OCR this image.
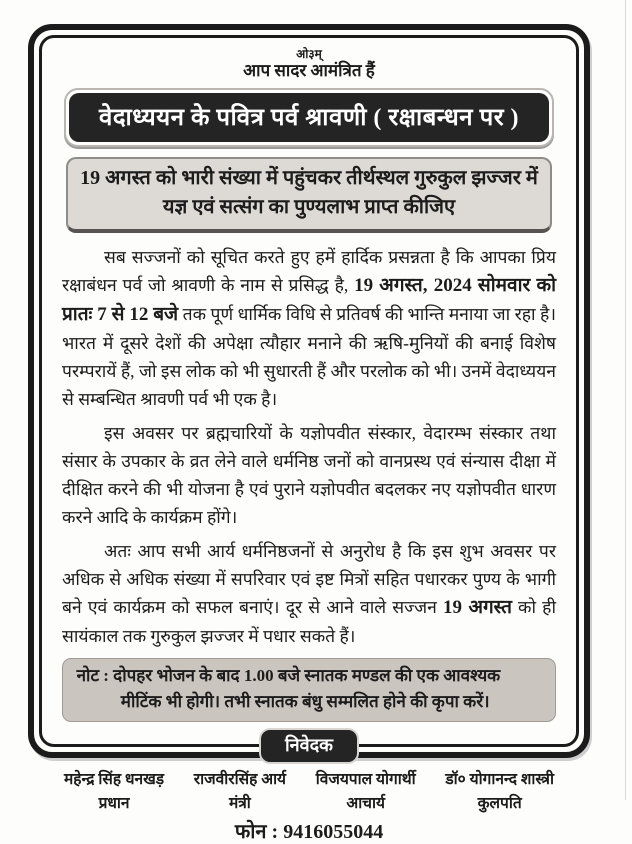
ओ३म्
आप सादर आमंत्रित हैं
वेदाध्ययन के पवित्र पर्व श्रावणी ( रक्षाबन्धन पर )
19 अगस्त को भारी संख्या में पहुंचकर तीर्थस्थल गुरुकुल झज्जर में यज्ञ एवं सत्संग का पुण्यलाभ प्राप्त कीजिए

सब सज्जनों को सूचित करते हुए हमें हार्दिक प्रसन्नता है कि आपका प्रिय रक्षाबंधन पर्व जो श्रावणी के नाम से प्रसिद्ध है, 19 अगस्त, 2024 सोमवार को प्रातः 7 से 12 बजे तक पूर्ण धार्मिक विधि से प्रतिवर्ष की भान्ति मनाया जा रहा है। भारत में दूसरे देशों की अपेक्षा त्यौहार मनाने की ऋषि-मुनियों की बनाई विशेष परम्परायें हैं, जो इस लोक को भी सुधारती हैं और परलोक को भी। उनमें वेदाध्ययन से सम्बन्धित श्रावणी पर्व भी एक है।

इस अवसर पर ब्रह्मचारियों के यज्ञोपवीत संस्कार, वेदारम्भ संस्कार तथा संसार के उपकार के व्रत लेने वाले धर्मनिष्ठ जनों को वानप्रस्थ एवं संन्यास दीक्षा में दीक्षित करने की भी योजना है एवं पुराने यज्ञोपवीत बदलकर नए यज्ञोपवीत धारण करने आदि के कार्यक्रम होंगे।

अतः आप सभी आर्य धर्मनिष्ठजनों से अनुरोध है कि इस शुभ अवसर पर अधिक से अधिक संख्या में सपरिवार एवं इष्ट मित्रों सहित पधारकर पुण्य के भागी बने एवं कार्यक्रम को सफल बनाएं। दूर से आने वाले सज्जन 19 अगस्त को ही सायंकाल तक गुरुकुल झज्जर में पधार सकते हैं।

नोट : दोपहर भोजन के बाद 1.00 बजे स्नातक मण्डल की एक आवश्यक मीटिंक भी होगी। तभी स्नातक बंधु सम्मलित होने की कृपा करें।
निवेदक
महेन्द्र सिंह धनखड़
प्रधान
राजवीरसिंह आर्य
मंत्री
विजयपाल योगार्थी
आचार्य
डॉ० योगानन्द शास्त्री
कुलपति
फोन : 9416055044
